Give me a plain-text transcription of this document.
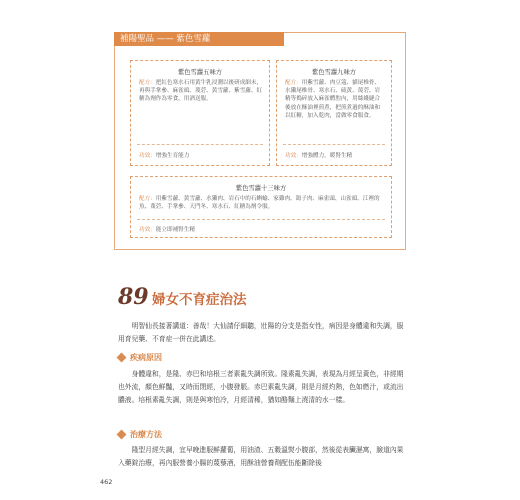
補陽聖品 —— 紫色雪蘿
紫色雪蘿五味方
配方：把紅色寒水石用黃牛乳浸潤以後研成細末，再與手掌參、麻雀頭、蔑菪、黃雪蘿、紫雪蘿、紅糖為劑作為零食，用酒送服。
功效：增強生育能力
紫色雪蘿九味方
配方：用紫雪蘿、肉豆蔻、貓尾椎骨、水獺尾椎骨、寒水石、硫黃、蔑菪、岩精等搗碎放入麻雀體腔內，用絲綫縫合後放在酥油裡煎煮，把煎煮過的酥油和以紅糖，加入乾肉，當做零食服食。
功效：增強體力，暖腎生精
紫色雪蘿十三味方
配方：用紫雪蘿、黃雪蘿、水獺肉、岩石中的石蝌蝓、家雞肉、鴿子肉、麻雀頭、山雀頭、江裡的魚、蔑菪、手掌參、天門冬、寒水石、紅糖為劑令服。
功效：能立即補腎生精
89 婦女不育症治法
明智仙長接著講道：善哉！大仙請仔細聽，壯陽的分支是指女性，病因是身體違和失調，服用育兒藥、不育症一併在此講述。
疾病原因
身體違和，是隆、赤巴和培根三者素亂失調所致。隆素亂失調，表現為月經呈黃色，非經期也外流，顏色鮮豔，又時而閉經，小腹發脹。赤巴素亂失調，則是月經灼熱，色如燃汁，或流出膿液。培根素亂失調，則是與寒怕冷，月經清稀，猶如酪麵上澆清的水一樣。
治療方法
隆型月經失調，宜早晚進服鮮蘿蔔，用油渣、五穀溫熨小腹部，然後從表臟濕寓，臉道內果入藥錠治療，再內服營養小腸的蔑藜酒，用酥油營養劑配伍能斷除後
462
